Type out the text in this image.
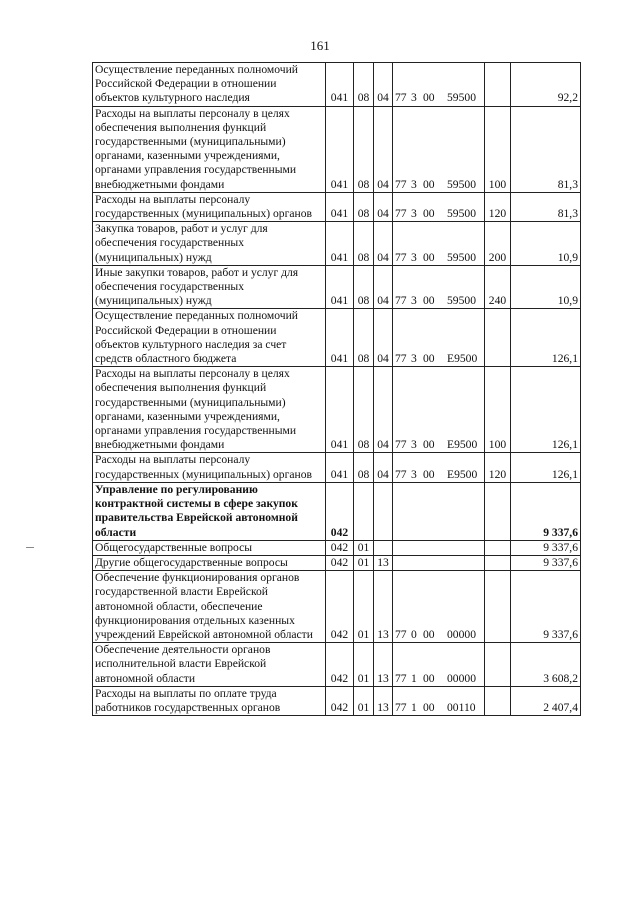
161
Осуществление переданных полномочий Российской Федерации в отношении объектов культурного наследия	041	08	04	77 3 00 59500		92,2
Расходы на выплаты персоналу в целях обеспечения выполнения функций государственными (муниципальными) органами, казенными учреждениями, органами управления государственными внебюджетными фондами	041	08	04	77 3 00 59500	100	81,3
Расходы на выплаты персоналу государственных (муниципальных) органов	041	08	04	77 3 00 59500	120	81,3
Закупка товаров, работ и услуг для обеспечения государственных (муниципальных) нужд	041	08	04	77 3 00 59500	200	10,9
Иные закупки товаров, работ и услуг для обеспечения государственных (муниципальных) нужд	041	08	04	77 3 00 59500	240	10,9
Осуществление переданных полномочий Российской Федерации в отношении объектов культурного наследия за счет средств областного бюджета	041	08	04	77 3 00 E9500		126,1
Расходы на выплаты персоналу в целях обеспечения выполнения функций государственными (муниципальными) органами, казенными учреждениями, органами управления государственными внебюджетными фондами	041	08	04	77 3 00 E9500	100	126,1
Расходы на выплаты персоналу государственных (муниципальных) органов	041	08	04	77 3 00 E9500	120	126,1
Управление по регулированию контрактной системы в сфере закупок правительства Еврейской автономной области	042					9 337,6
Общегосударственные вопросы	042	01				9 337,6
Другие общегосударственные вопросы	042	01	13			9 337,6
Обеспечение функционирования органов государственной власти Еврейской автономной области, обеспечение функционирования отдельных казенных учреждений Еврейской автономной области	042	01	13	77 0 00 00000		9 337,6
Обеспечение деятельности органов исполнительной власти Еврейской автономной области	042	01	13	77 1 00 00000		3 608,2
Расходы на выплаты по оплате труда работников государственных органов	042	01	13	77 1 00 00110		2 407,4
